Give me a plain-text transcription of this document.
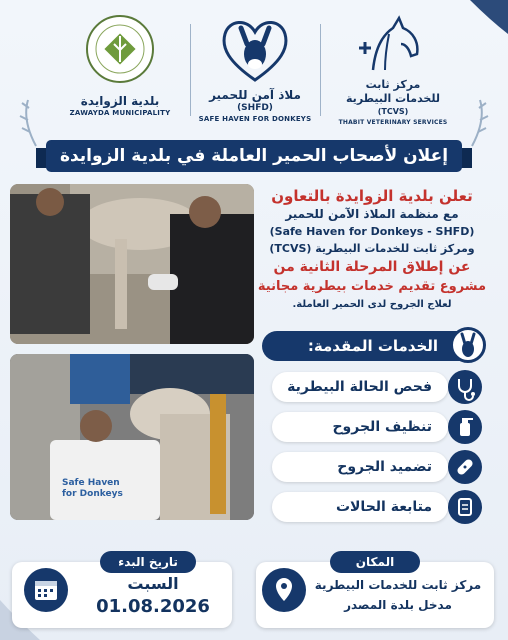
بلدية الزوايدة
ZAWAYDA MUNICIPALITY
ملاذ آمن للحمير
(SHFD)
SAFE HAVEN FOR DONKEYS
مركز ثابت
للخدمات البيطرية
(TCVS)
THABIT VETERINARY SERVICES
إعلان لأصحاب الحمير العاملة في بلدية الزوايدة
تعلن بلدية الزوايدة بالتعاون
مع منظمة الملاذ الآمن للحمير
(Safe Haven for Donkeys - SHFD)
ومركز ثابت للخدمات البيطرية (TCVS)
عن إطلاق المرحلة الثانية من
مشروع تقديم خدمات بيطرية مجانية
لعلاج الجروح لدى الحمير العاملة.
Safe Haven
for Donkeys
الخدمات المقدمة:
فحص الحالة البيطرية
تنظيف الجروح
تضميد الجروح
متابعة الحالات
تاريخ البدء
السبت
01.08.2026
المكان
مركز ثابت للخدمات البيطرية
مدخل بلدة المصدر
